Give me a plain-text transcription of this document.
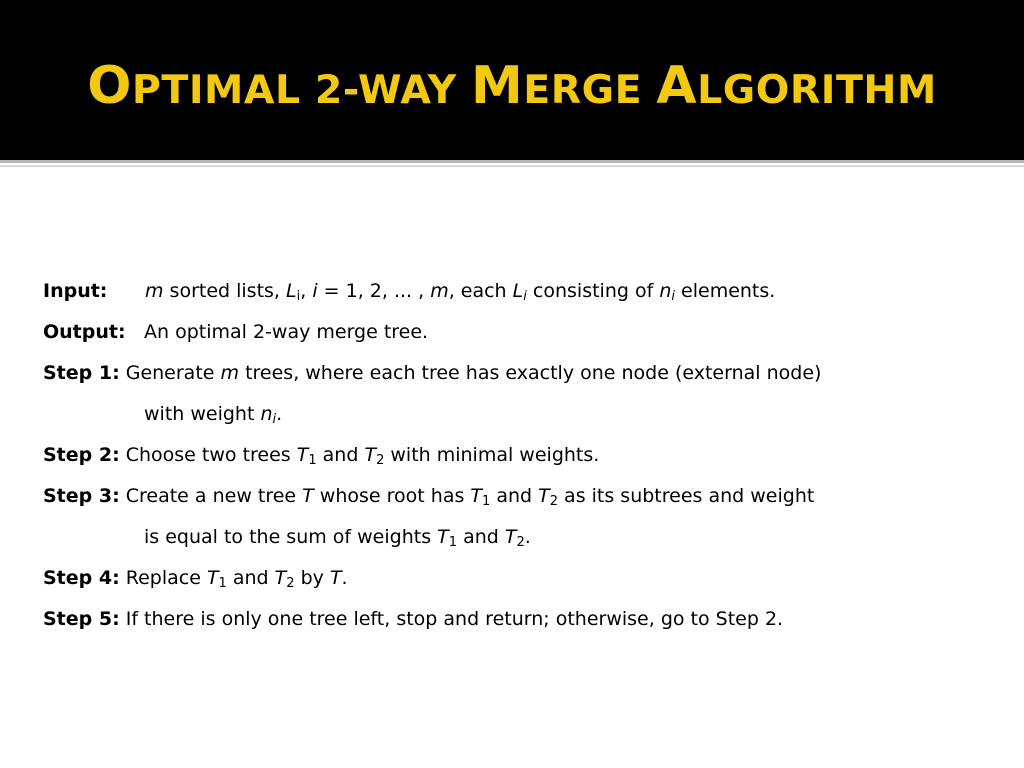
OPTIMAL 2-WAY MERGE ALGORITHM
Input: m sorted lists, $L_i$, i = 1, 2, ... , m, each $L_i$ consisting of $n_i$ elements.
Output: An optimal 2-way merge tree.
Step 1: Generate m trees, where each tree has exactly one node (external node)
with weight $n_i$.
Step 2: Choose two trees $T_1$ and $T_2$ with minimal weights.
Step 3: Create a new tree T whose root has $T_1$ and $T_2$ as its subtrees and weight
is equal to the sum of weights $T_1$ and $T_2$.
Step 4: Replace $T_1$ and $T_2$ by T.
Step 5: If there is only one tree left, stop and return; otherwise, go to Step 2.
